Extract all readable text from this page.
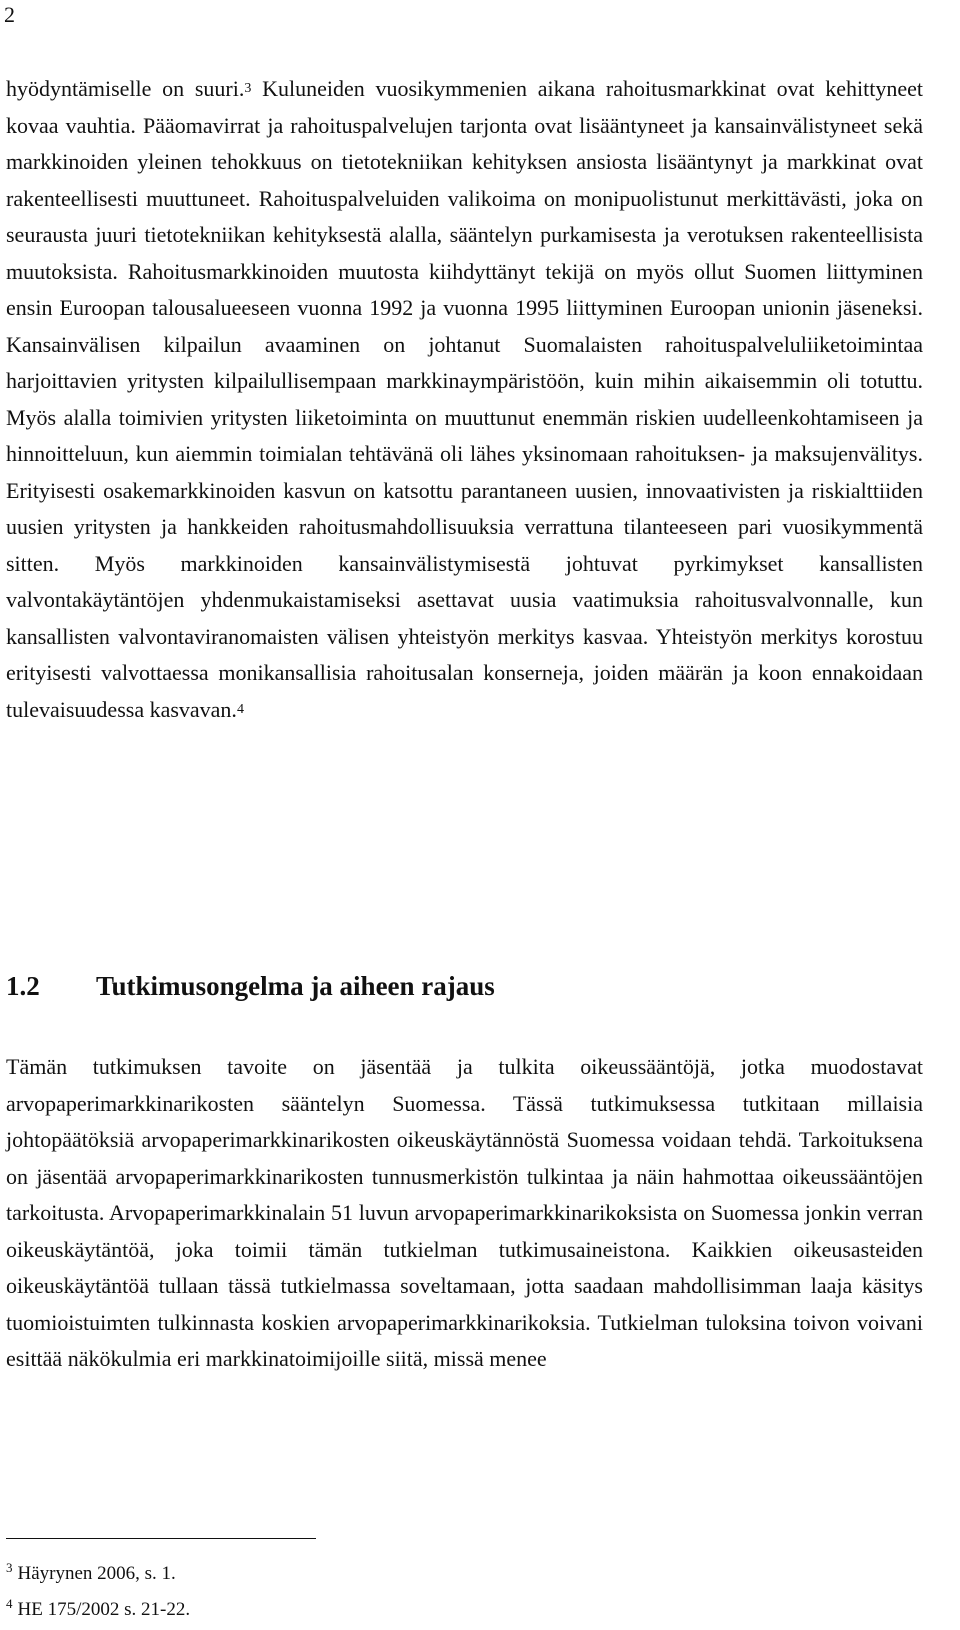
2

hyödyntämiselle on suuri.$^3$ Kuluneiden vuosikymmenien aikana rahoitusmarkkinat ovat kehittyneet kovaa vauhtia. Pääomavirrat ja rahoituspalvelujen tarjonta ovat lisääntyneet ja kansainvälistyneet sekä markkinoiden yleinen tehokkuus on tietotekniikan kehityksen ansiosta lisääntynyt ja markkinat ovat rakenteellisesti muuttuneet. Rahoituspalveluiden valikoima on monipuolistunut merkittävästi, joka on seurausta juuri tietotekniikan kehityksestä alalla, sääntelyn purkamisesta ja verotuksen rakenteellisista muutoksista. Rahoitusmarkkinoiden muutosta kiihdyttänyt tekijä on myös ollut Suomen liittyminen ensin Euroopan talousalueeseen vuonna 1992 ja vuonna 1995 liittyminen Euroopan unionin jäseneksi. Kansainvälisen kilpailun avaaminen on johtanut Suomalaisten rahoituspalveluliiketoimintaa harjoittavien yritysten kilpailullisempaan markkinaympäristöön, kuin mihin aikaisemmin oli totuttu. Myös alalla toimivien yritysten liiketoiminta on muuttunut enemmän riskien uudelleenkohtamiseen ja hinnoitteluun, kun aiemmin toimialan tehtävänä oli lähes yksinomaan rahoituksen- ja maksujenvälitys. Erityisesti osakemarkkinoiden kasvun on katsottu parantaneen uusien, innovaativisten ja riskialttiiden uusien yritysten ja hankkeiden rahoitusmahdollisuuksia verrattuna tilanteeseen pari vuosikymmentä sitten. Myös markkinoiden kansainvälistymisestä johtuvat pyrkimykset kansallisten valvontakäytäntöjen yhdenmukaistamiseksi asettavat uusia vaatimuksia rahoitusvalvonnalle, kun kansallisten valvontaviranomaisten välisen yhteistyön merkitys kasvaa. Yhteistyön merkitys korostuu erityisesti valvottaessa monikansallisia rahoitusalan konserneja, joiden määrän ja koon ennakoidaan tulevaisuudessa kasvavan.$^4$

1.2 Tutkimusongelma ja aiheen rajaus

Tämän tutkimuksen tavoite on jäsentää ja tulkita oikeussääntöjä, jotka muodostavat arvopaperimarkkinarikosten sääntelyn Suomessa. Tässä tutkimuksessa tutkitaan millaisia johtopäätöksiä arvopaperimarkkinarikosten oikeuskäytännöstä Suomessa voidaan tehdä. Tarkoituksena on jäsentää arvopaperimarkkinarikosten tunnusmerkistön tulkintaa ja näin hahmottaa oikeussääntöjen tarkoitusta. Arvopaperimarkkinalain 51 luvun arvopaperimarkkinarikoksista on Suomessa jonkin verran oikeuskäytäntöä, joka toimii tämän tutkielman tutkimusaineistona. Kaikkien oikeusasteiden oikeuskäytäntöä tullaan tässä tutkielmassa soveltamaan, jotta saadaan mahdollisimman laaja käsitys tuomioistuimten tulkinnasta koskien arvopaperimarkkinarikoksia. Tutkielman tuloksina toivon voivani esittää näkökulmia eri markkinatoimijoille siitä, missä menee

$^3$ Häyrynen 2006, s. 1.
$^4$ HE 175/2002 s. 21-22.
